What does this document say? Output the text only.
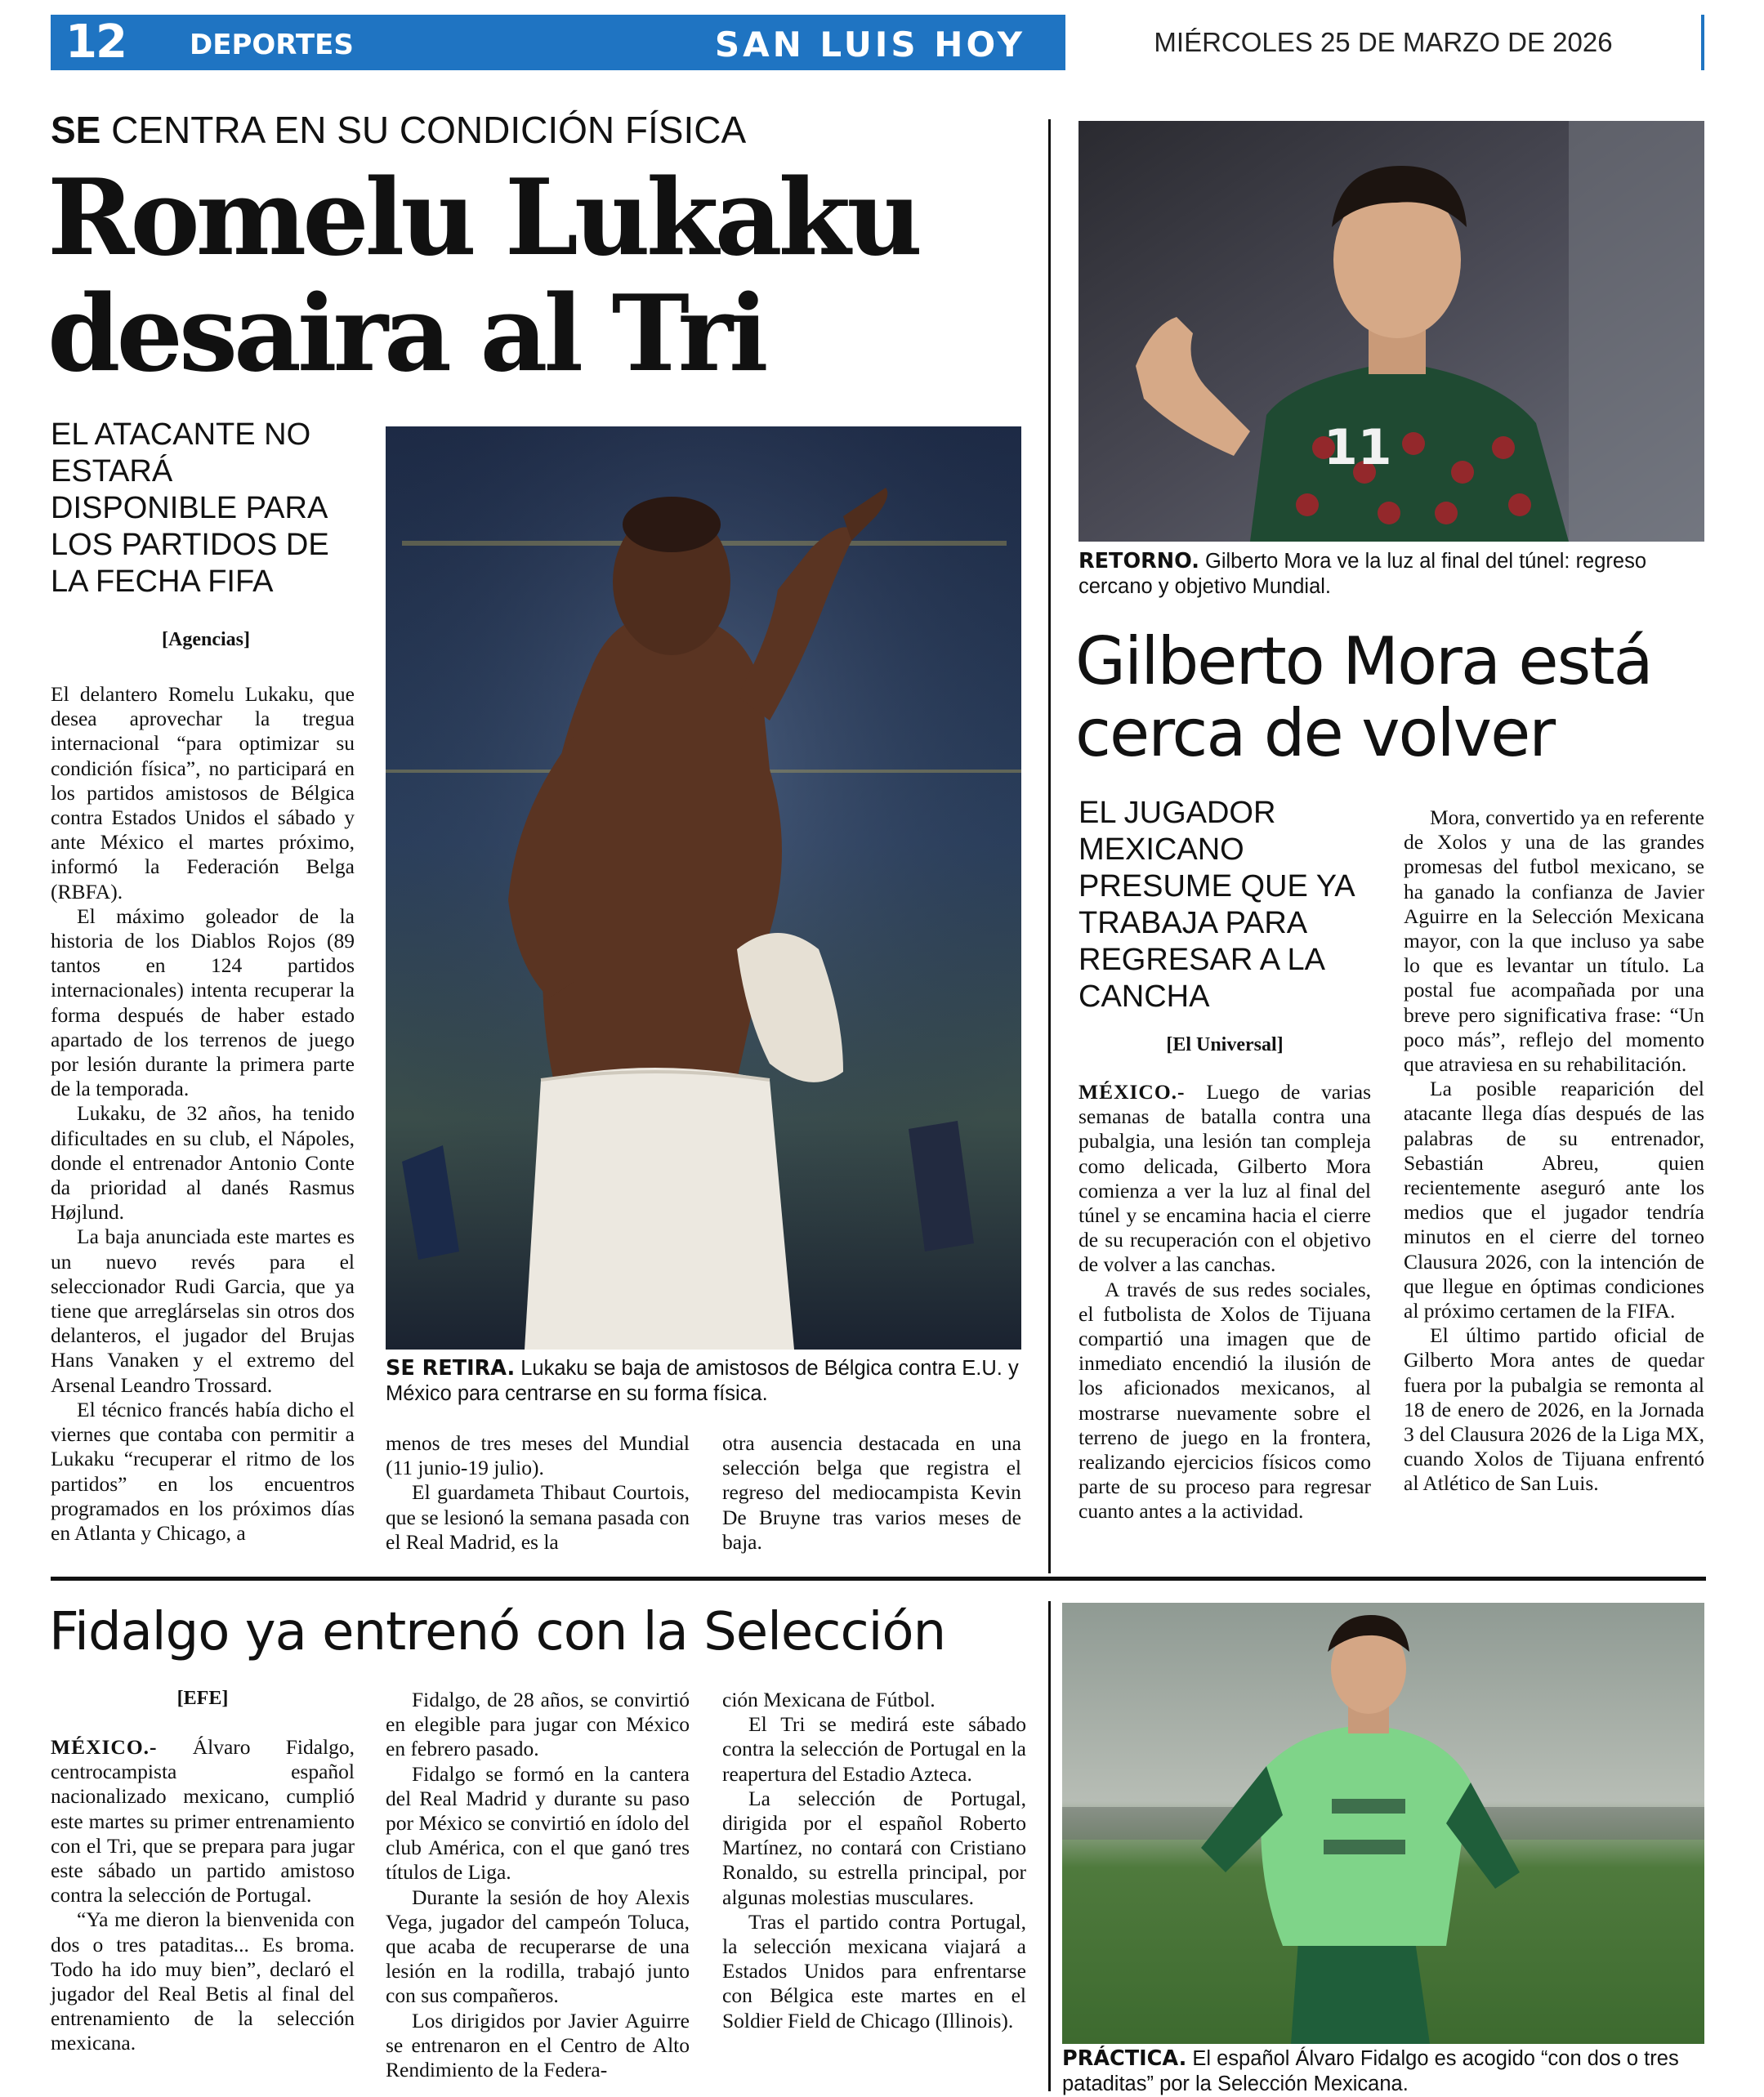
12	DEPORTES	SAN LUIS HOY	MIÉRCOLES 25 DE MARZO DE 2026
SE CENTRA EN SU CONDICIÓN FÍSICA
Romelu Lukaku
desaira al Tri
EL ATACANTE NO ESTARÁ DISPONIBLE PARA LOS PARTIDOS DE LA FECHA FIFA
[Agencias]

El delantero Romelu Lukaku, que desea aprovechar la tregua internacional “para optimizar su condición física”, no participará en los partidos amistosos de Bélgica contra Estados Unidos el sábado y ante México el martes próximo, informó la Federación Belga (RBFA).

El máximo goleador de la historia de los Diablos Rojos (89 tantos en 124 partidos internacionales) intenta recuperar la forma después de haber estado apartado de los terrenos de juego por lesión durante la primera parte de la temporada.

Lukaku, de 32 años, ha tenido dificultades en su club, el Nápoles, donde el entrenador Antonio Conte da prioridad al danés Rasmus Højlund.

La baja anunciada este martes es un nuevo revés para el seleccionador Rudi Garcia, que ya tiene que arreglárselas sin otros dos delanteros, el jugador del Brujas Hans Vanaken y el extremo del Arsenal Leandro Trossard.

El técnico francés había dicho el viernes que contaba con permitir a Lukaku “recuperar el ritmo de los partidos” en los encuentros programados en los próximos días en Atlanta y Chicago, a

SE RETIRA. Lukaku se baja de amistosos de Bélgica contra E.U. y México para centrarse en su forma física.

menos de tres meses del Mundial (11 junio-19 julio).

El guardameta Thibaut Courtois, que se lesionó la semana pasada con el Real Madrid, es la

otra ausencia destacada en una selección belga que registra el regreso del mediocampista Kevin De Bruyne tras varios meses de baja.

11
RETORNO. Gilberto Mora ve la luz al final del túnel: regreso cercano y objetivo Mundial.
Gilberto Mora está
cerca de volver
EL JUGADOR MEXICANO PRESUME QUE YA TRABAJA PARA REGRESAR A LA CANCHA
[El Universal]

MÉXICO.- Luego de varias semanas de batalla contra una pubalgia, una lesión tan compleja como delicada, Gilberto Mora comienza a ver la luz al final del túnel y se encamina hacia el cierre de su recuperación con el objetivo de volver a las canchas.

A través de sus redes sociales, el futbolista de Xolos de Tijuana compartió una imagen que de inmediato encendió la ilusión de los aficionados mexicanos, al mostrarse nuevamente sobre el terreno de juego en la frontera, realizando ejercicios físicos como parte de su proceso para regresar cuanto antes a la actividad.

Mora, convertido ya en referente de Xolos y una de las grandes promesas del futbol mexicano, se ha ganado la confianza de Javier Aguirre en la Selección Mexicana mayor, con la que incluso ya sabe lo que es levantar un título. La postal fue acompañada por una breve pero significativa frase: “Un poco más”, reflejo del momento que atraviesa en su rehabilitación.

La posible reaparición del atacante llega días después de las palabras de su entrenador, Sebastián Abreu, quien recientemente aseguró ante los medios que el jugador tendría minutos en el cierre del torneo Clausura 2026, con la intención de que llegue en óptimas condiciones al próximo certamen de la FIFA.

El último partido oficial de Gilberto Mora antes de quedar fuera por la pubalgia se remonta al 18 de enero de 2026, en la Jornada 3 del Clausura 2026 de la Liga MX, cuando Xolos de Tijuana enfrentó al Atlético de San Luis.

Fidalgo ya entrenó con la Selección
[EFE]

MÉXICO.- Álvaro Fidalgo, centrocampista español nacionalizado mexicano, cumplió este martes su primer entrenamiento con el Tri, que se prepara para jugar este sábado un partido amistoso contra la selección de Portugal.

“Ya me dieron la bienvenida con dos o tres pataditas... Es broma. Todo ha ido muy bien”, declaró el jugador del Real Betis al final del entrenamiento de la selección mexicana.

Fidalgo, de 28 años, se convirtió en elegible para jugar con México en febrero pasado.

Fidalgo se formó en la cantera del Real Madrid y durante su paso por México se convirtió en ídolo del club América, con el que ganó tres títulos de Liga.

Durante la sesión de hoy Alexis Vega, jugador del campeón Toluca, que acaba de recuperarse de una lesión en la rodilla, trabajó junto con sus compañeros.

Los dirigidos por Javier Aguirre se entrenaron en el Centro de Alto Rendimiento de la Federa-

ción Mexicana de Fútbol.

El Tri se medirá este sábado contra la selección de Portugal en la reapertura del Estadio Azteca.

La selección de Portugal, dirigida por el español Roberto Martínez, no contará con Cristiano Ronaldo, su estrella principal, por algunas molestias musculares.

Tras el partido contra Portugal, la selección mexicana viajará a Estados Unidos para enfrentarse con Bélgica este martes en el Soldier Field de Chicago (Illinois).

PRÁCTICA. El español Álvaro Fidalgo es acogido “con dos o tres pataditas” por la Selección Mexicana.
